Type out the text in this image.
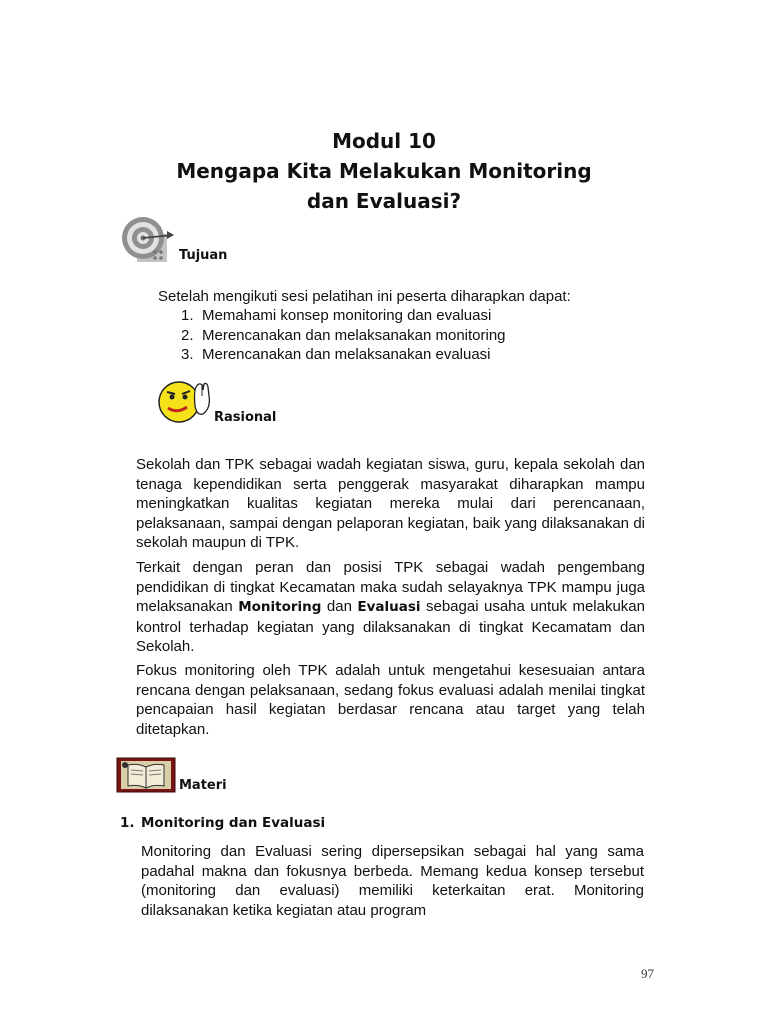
Modul 10
Mengapa Kita Melakukan Monitoring
dan Evaluasi?
Tujuan
Setelah mengikuti sesi pelatihan ini peserta diharapkan dapat:
1. Memahami konsep monitoring dan evaluasi
2. Merencanakan dan melaksanakan monitoring
3. Merencanakan dan melaksanakan evaluasi
Rasional

Sekolah dan TPK sebagai wadah kegiatan siswa, guru, kepala sekolah dan tenaga kependidikan serta penggerak masyarakat diharapkan mampu meningkatkan kualitas kegiatan mereka mulai dari perencanaan, pelaksanaan, sampai dengan pelaporan kegiatan, baik yang dilaksanakan di sekolah maupun di TPK.

Terkait dengan peran dan posisi TPK sebagai wadah pengembang pendidikan di tingkat Kecamatan maka sudah selayaknya TPK mampu juga melaksanakan Monitoring dan Evaluasi sebagai usaha untuk melakukan kontrol terhadap kegiatan yang dilaksanakan di tingkat Kecamatam dan Sekolah.

Fokus monitoring oleh TPK adalah untuk mengetahui kesesuaian antara rencana dengan pelaksanaan, sedang fokus evaluasi adalah menilai tingkat pencapaian hasil kegiatan berdasar rencana atau target yang telah ditetapkan.

Materi
1. Monitoring dan Evaluasi

Monitoring dan Evaluasi sering dipersepsikan sebagai hal yang sama padahal makna dan fokusnya berbeda. Memang kedua konsep tersebut (monitoring dan evaluasi) memiliki keterkaitan erat. Monitoring dilaksanakan ketika kegiatan atau program

97
